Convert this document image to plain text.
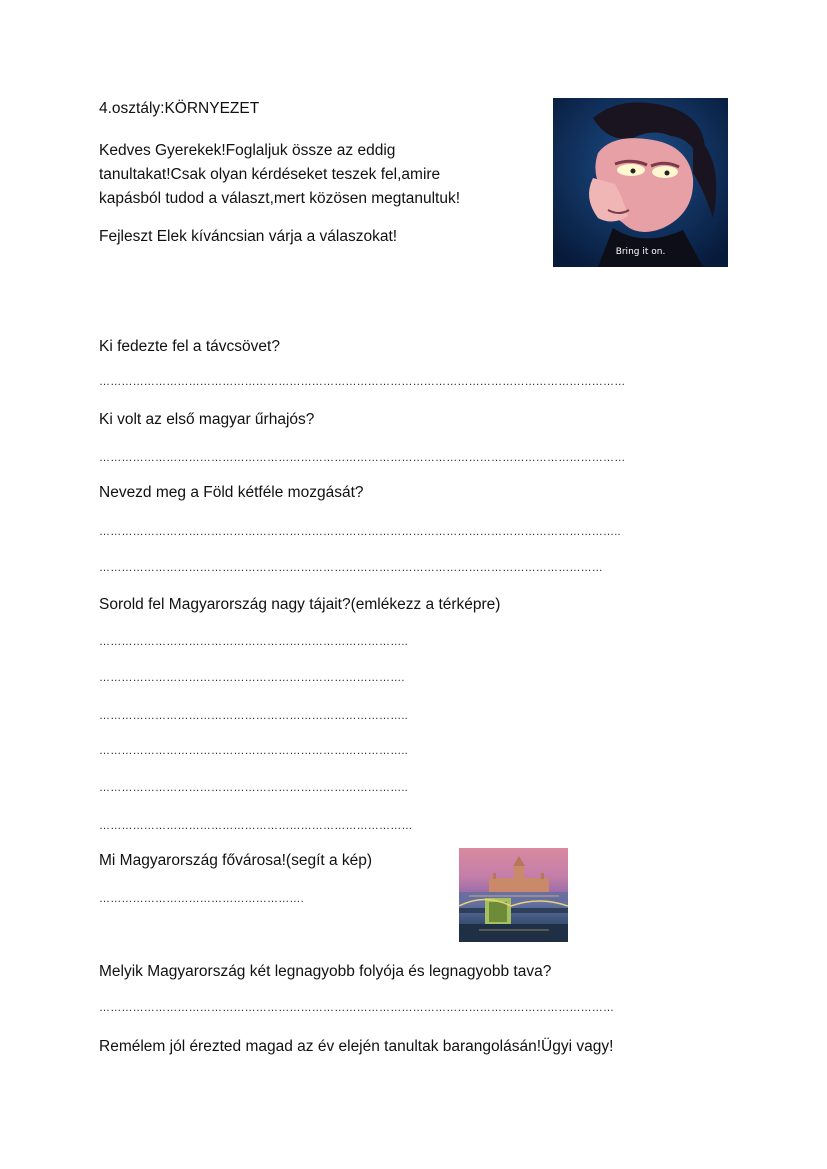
4.osztály:KÖRNYEZET
Kedves Gyerekek!Foglaljuk össze az eddig
tanultakat!Csak olyan kérdéseket teszek fel,amire
kapásból tudod a választ,mert közösen megtanultuk!
Fejleszt Elek kíváncsian várja a válaszokat!
Bring it on.
Ki fedezte fel a távcsövet?
……………………………………………………………………………………………………………………………
Ki volt az első magyar űrhajós?
……………………………………………………………………………………………………………………………
Nevezd meg a Föld kétféle mozgását?
…………………………………………………………………………………………………………………………..
………………………………………………………………………………………………………………………
Sorold fel Magyarország nagy tájait?(emlékezz a térképre)
………………………………………………………………………..
……………………………………………………………………….
………………………………………………………………………..
………………………………………………………………………..
………………………………………………………………………..
…………………………………………………………………………
Mi Magyarország fővárosa!(segít a kép)
……………………………………………….
Melyik Magyarország két legnagyobb folyója és legnagyobb tava?
…………………………………………………………………………………………………………………………
Remélem jól érezted magad az év elején tanultak barangolásán!Ügyi vagy!
